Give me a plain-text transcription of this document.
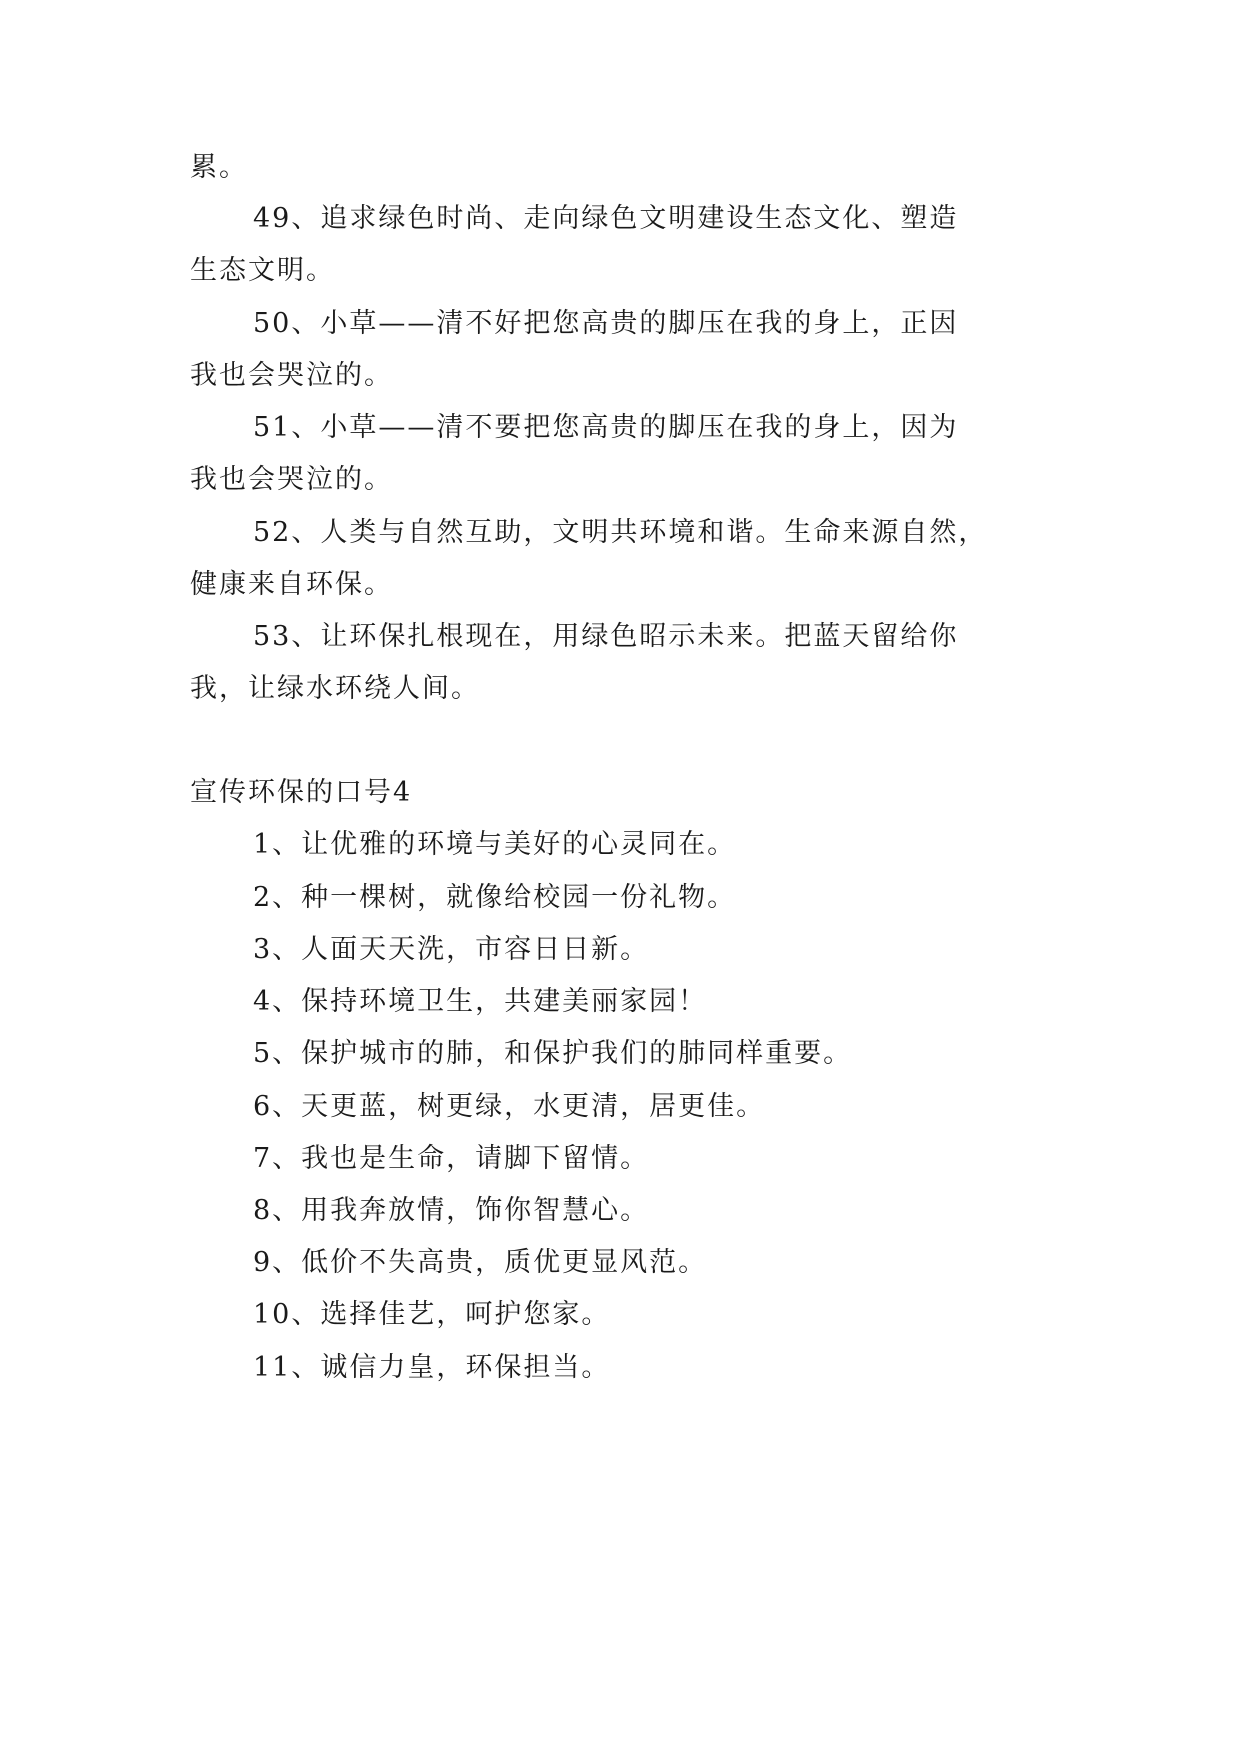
累。
49、追求绿色时尚、走向绿色文明建设生态文化、塑造
生态文明。
50、小草——清不好把您高贵的脚压在我的身上，正因
我也会哭泣的。
51、小草——清不要把您高贵的脚压在我的身上，因为
我也会哭泣的。
52、人类与自然互助，文明共环境和谐。生命来源自然，
健康来自环保。
53、让环保扎根现在，用绿色昭示未来。把蓝天留给你
我，让绿水环绕人间。
宣传环保的口号4
1、让优雅的环境与美好的心灵同在。
2、种一棵树，就像给校园一份礼物。
3、人面天天洗，市容日日新。
4、保持环境卫生，共建美丽家园！
5、保护城市的肺，和保护我们的肺同样重要。
6、天更蓝，树更绿，水更清，居更佳。
7、我也是生命，请脚下留情。
8、用我奔放情，饰你智慧心。
9、低价不失高贵，质优更显风范。
10、选择佳艺，呵护您家。
11、诚信力皇，环保担当。
